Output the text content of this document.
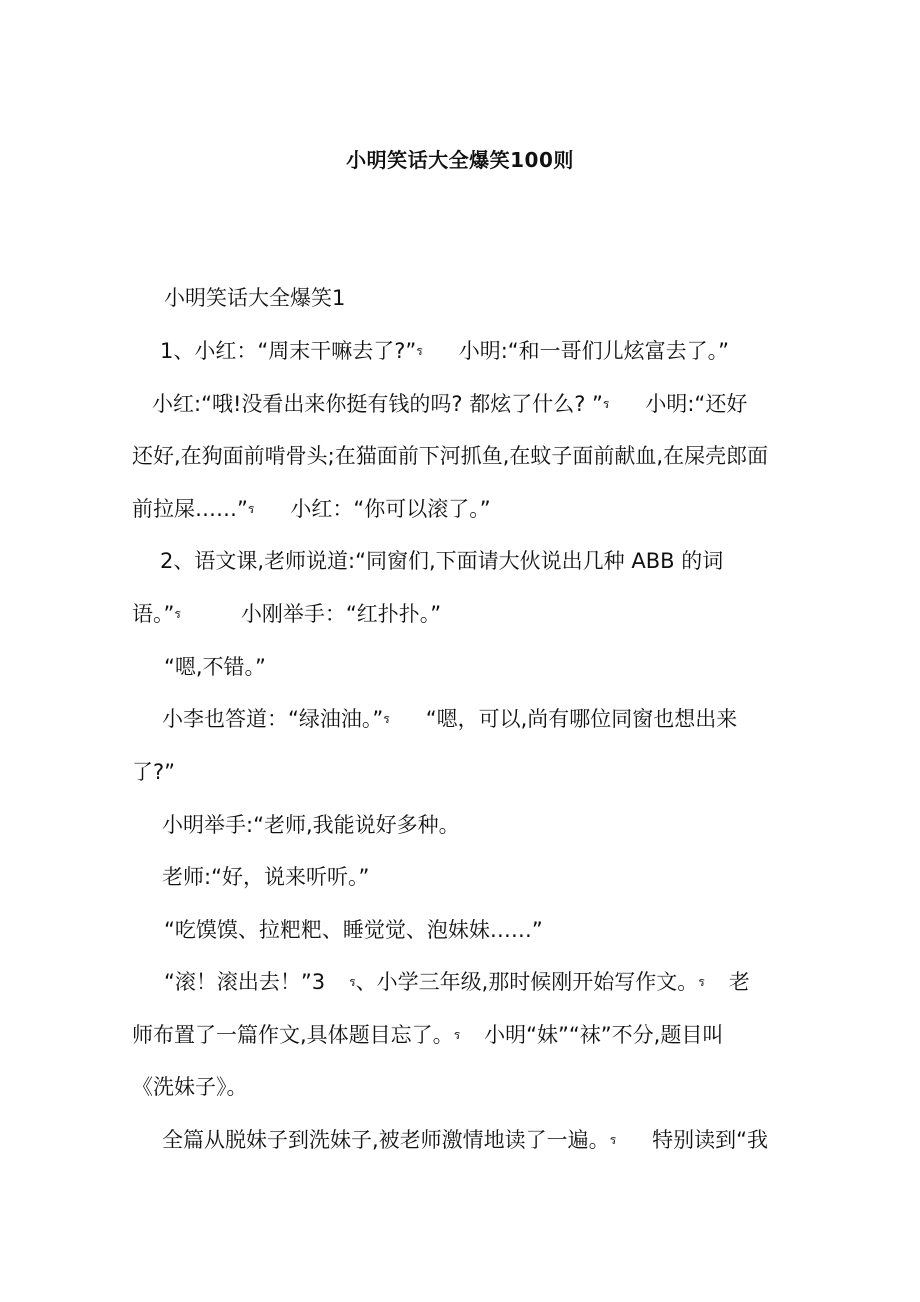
小明笑话大全爆笑100则
小明笑话大全爆笑1
1、小红：“周末干嘛去了?”ร 小明:“和一哥们儿炫富去了。”
小红:“哦!没看出来你挺有钱的吗? 都炫了什么? ”ร 小明:“还好
还好,在狗面前啃骨头;在猫面前下河抓鱼,在蚊子面前献血,在屎壳郎面
前拉屎……”ร 小红：“你可以滚了。”
2、语文课,老师说道:“同窗们,下面请大伙说出几种 ABB 的词
语。”ร	小刚举手：“红扑扑。”
“嗯,不错。”
小李也答道：“绿油油。”ร “嗯，可以,尚有哪位同窗也想出来
了?”
小明举手:“老师,我能说好多种。
老师:“好，说来听听。”
“吃馍馍、拉粑粑、睡觉觉、泡妹妹……”
“滚！滚出去！”3 ร、小学三年级,那时候刚开始写作文。ร 老
师布置了一篇作文,具体题目忘了。ร 小明“妹”“袜”不分,题目叫
《洗妹子》。
全篇从脱妹子到洗妹子,被老师激情地读了一遍。ร 特别读到“我
